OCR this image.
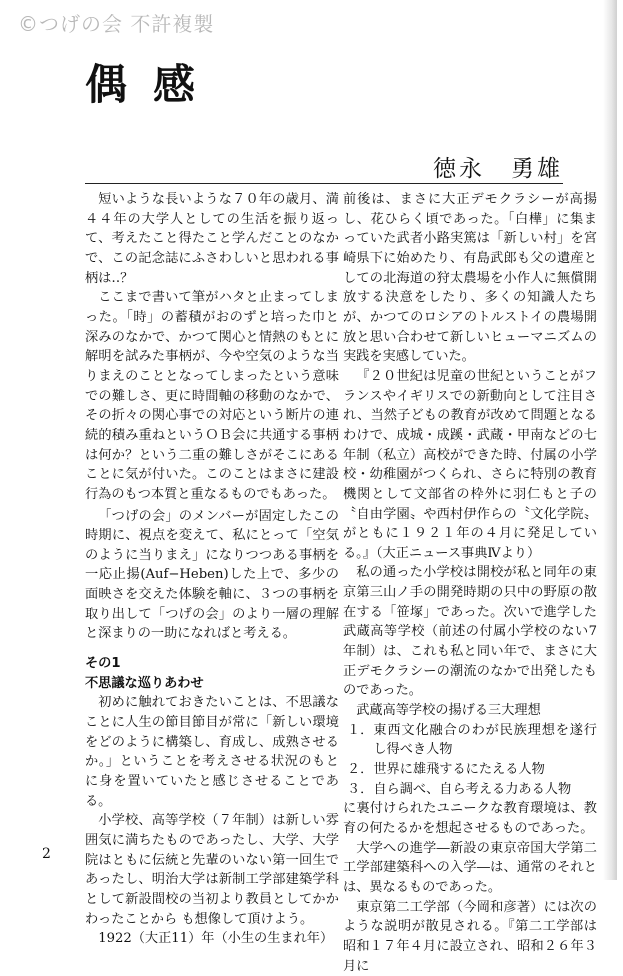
©つげの会 不許複製
偶感
徳永　勇雄

短いような長いような７０年の歳月、満４４年の大学人としての生活を振り返って、考えたこと得たこと学んだことのなかで、この記念誌にふさわしいと思われる事柄は‥？

ここまで書いて筆がハタと止まってしまった。「時」の蓄積がおのずと培った巾と深みのなかで、かつて関心と情熱のもとに解明を試みた事柄が、今や空気のような当りまえのこととなってしまったという意味での難しさ、更に時間軸の移動のなかで、その折々の関心事での対応という断片の連続的積み重ねというＯＢ会に共通する事柄は何か？という二重の難しさがそこにあることに気が付いた。このことはまさに建設行為のもつ本質と重なるものでもあった。

「つげの会」のメンバーが固定したこの時期に、視点を変えて、私にとって「空気のように当りまえ」になりつつある事柄を一応止揚(Auf−Heben)した上で、多少の面映さを交えた体験を軸に、３つの事柄を取り出して「つげの会」のより一層の理解と深まりの一助になればと考える。

その1

不思議な巡りあわせ

初めに触れておきたいことは、不思議なことに人生の節目節目が常に「新しい環境をどのように構築し、育成し、成熟させるか。」ということを考えさせる状況のもとに身を置いていたと感じさせることである。

小学校、高等学校（７年制）は新しい雰囲気に満ちたものであったし、大学、大学院はともに伝統と先輩のいない第一回生であったし、明治大学は新制工学部建築学科として新設間校の当初より教員としてかかわったことから も想像して頂けよう。

1922（大正11）年（小生の生まれ年）

前後は、まさに大正デモクラシーが高揚し、花ひらく頃であった。「白樺」に集まっていた武者小路実篤は「新しい村」を宮崎県下に始めたり、有島武郎も父の遺産としての北海道の狩太農場を小作人に無償開放する決意をしたり、多くの知識人たちが、かつてのロシアのトルストイの農場開放と思い合わせて新しいヒューマニズムの実践を実感していた。

『２０世紀は児童の世紀ということがフランスやイギリスでの新動向として注目され、当然子どもの教育が改めて問題となるわけで、成城・成蹊・武蔵・甲南などの七年制（私立）高校ができた時、付属の小学校・幼稚園がつくられ、さらに特別の教育機関として文部省の枠外に羽仁もと子の〝自由学園〟や西村伊作らの〝文化学院〟がともに１９２１年の４月に発足している。』（大正ニュース事典Ⅳより）

私の通った小学校は開校が私と同年の東京第三山ノ手の開発時期の只中の野原の散在する「笹塚」であった。次いで進学した武蔵高等学校（前述の付属小学校のない7年制）は、これも私と同い年で、まさに大正デモクラシーの潮流のなかで出発したものであった。

武蔵高等学校の揚げる三大理想

１． 東西文化融合のわが民族理想を遂行し得べき人物
２． 世界に雄飛するにたえる人物
３． 自ら調べ、自ら考える力ある人物

に裏付けられたユニークな教育環境は、教育の何たるかを想起させるものであった。

大学への進学―新設の東京帝国大学第二工学部建築科への入学―は、通常のそれとは、異なるものであった。

東京第二工学部（今岡和彦著）には次のような説明が散見される。『第二工学部は昭和１７年４月に設立され、昭和２６年３月に

2
